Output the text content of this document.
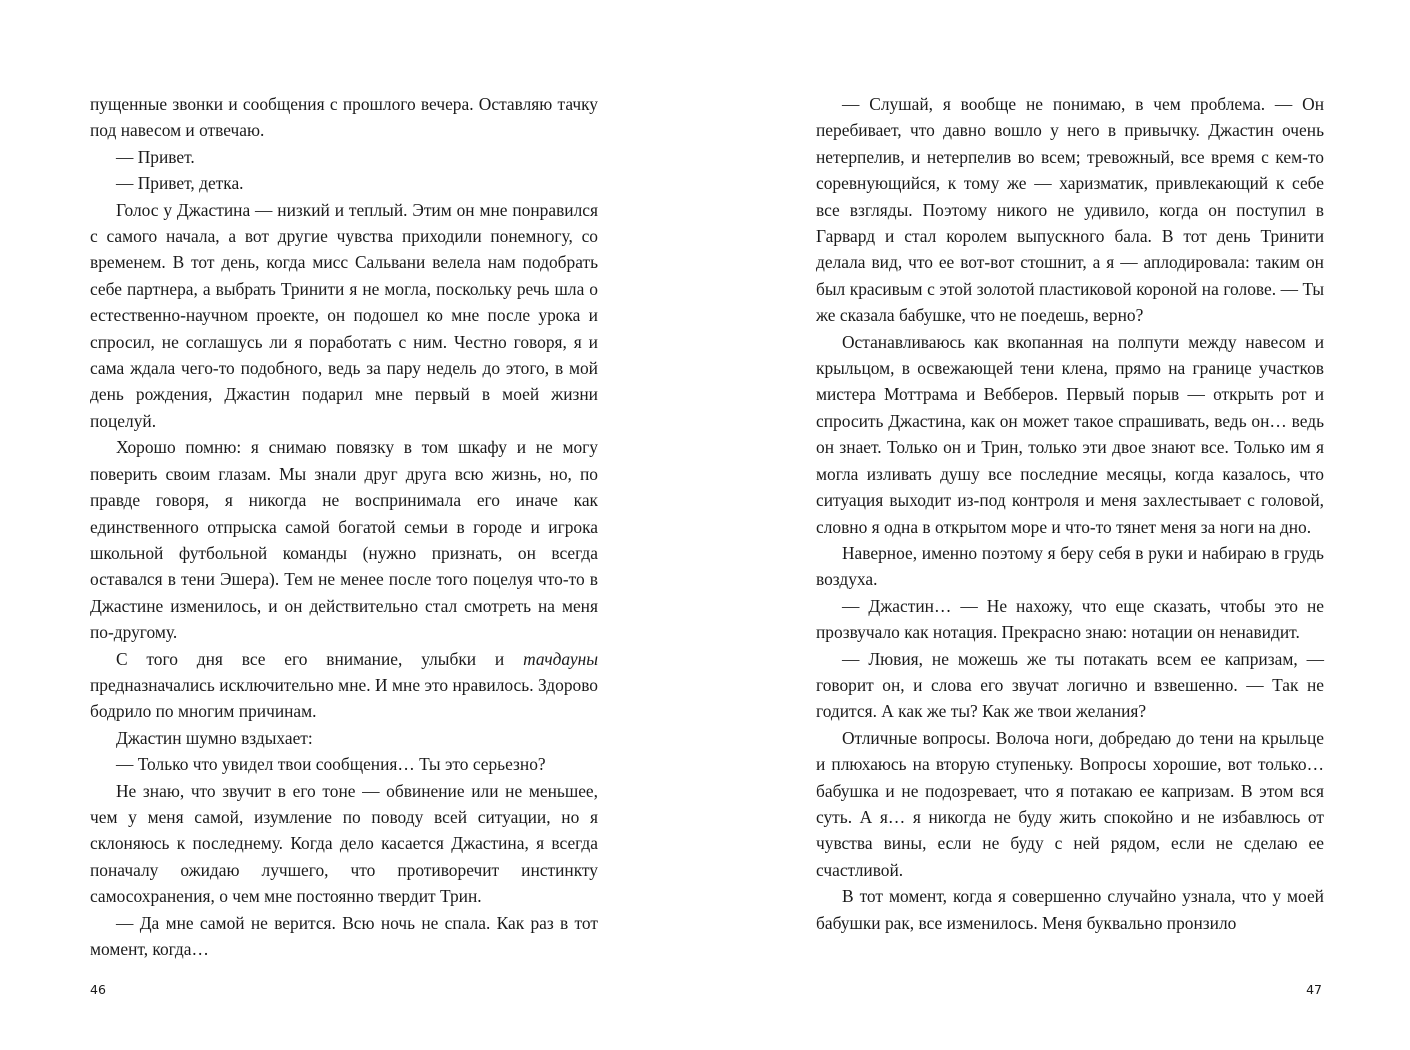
пущенные звонки и сообщения с прошлого вечера. Оставляю тачку под навесом и отвечаю.

— Привет.

— Привет, детка.

Голос у Джастина — низкий и теплый. Этим он мне понравился с самого начала, а вот другие чувства приходили понемногу, со временем. В тот день, когда мисс Сальвани велела нам подобрать себе партнера, а выбрать Тринити я не могла, поскольку речь шла о естественно-научном проекте, он подошел ко мне после урока и спросил, не соглашусь ли я поработать с ним. Честно говоря, я и сама ждала чего-то подобного, ведь за пару недель до этого, в мой день рождения, Джастин подарил мне первый в моей жизни поцелуй.

Хорошо помню: я снимаю повязку в том шкафу и не могу поверить своим глазам. Мы знали друг друга всю жизнь, но, по правде говоря, я никогда не воспринимала его иначе как единственного отпрыска самой богатой семьи в городе и игрока школьной футбольной команды (нужно признать, он всегда оставался в тени Эшера). Тем не менее после того поцелуя что-то в Джастине изменилось, и он действительно стал смотреть на меня по-другому.

С того дня все его внимание, улыбки и тачдауны предназначались исключительно мне. И мне это нравилось. Здорово бодрило по многим причинам.

Джастин шумно вздыхает:

— Только что увидел твои сообщения… Ты это серьезно?

Не знаю, что звучит в его тоне — обвинение или не меньшее, чем у меня самой, изумление по поводу всей ситуации, но я склоняюсь к последнему. Когда дело касается Джастина, я всегда поначалу ожидаю лучшего, что противоречит инстинкту самосохранения, о чем мне постоянно твердит Трин.

— Да мне самой не верится. Всю ночь не спала. Как раз в тот момент, когда…

46

— Слушай, я вообще не понимаю, в чем проблема. — Он перебивает, что давно вошло у него в привычку. Джастин очень нетерпелив, и нетерпелив во всем; тревожный, все время с кем-то соревнующийся, к тому же — харизматик, привлекающий к себе все взгляды. Поэтому никого не удивило, когда он поступил в Гарвард и стал королем выпускного бала. В тот день Тринити делала вид, что ее вот-вот стошнит, а я — аплодировала: таким он был красивым с этой золотой пластиковой короной на голове. — Ты же сказала бабушке, что не поедешь, верно?

Останавливаюсь как вкопанная на полпути между навесом и крыльцом, в освежающей тени клена, прямо на границе участков мистера Моттрама и Вебберов. Первый порыв — открыть рот и спросить Джастина, как он может такое спрашивать, ведь он… ведь он знает. Только он и Трин, только эти двое знают все. Только им я могла изливать душу все последние месяцы, когда казалось, что ситуация выходит из-под контроля и меня захлестывает с головой, словно я одна в открытом море и что-то тянет меня за ноги на дно.

Наверное, именно поэтому я беру себя в руки и набираю в грудь воздуха.

— Джастин… — Не нахожу, что еще сказать, чтобы это не прозвучало как нотация. Прекрасно знаю: нотации он ненавидит.

— Лювия, не можешь же ты потакать всем ее капризам, — говорит он, и слова его звучат логично и взвешенно. — Так не годится. А как же ты? Как же твои желания?

Отличные вопросы. Волоча ноги, добредаю до тени на крыльце и плюхаюсь на вторую ступеньку. Вопросы хорошие, вот только… бабушка и не подозревает, что я потакаю ее капризам. В этом вся суть. А я… я никогда не буду жить спокойно и не избавлюсь от чувства вины, если не буду с ней рядом, если не сделаю ее счастливой.

В тот момент, когда я совершенно случайно узнала, что у моей бабушки рак, все изменилось. Меня буквально пронзило

47
